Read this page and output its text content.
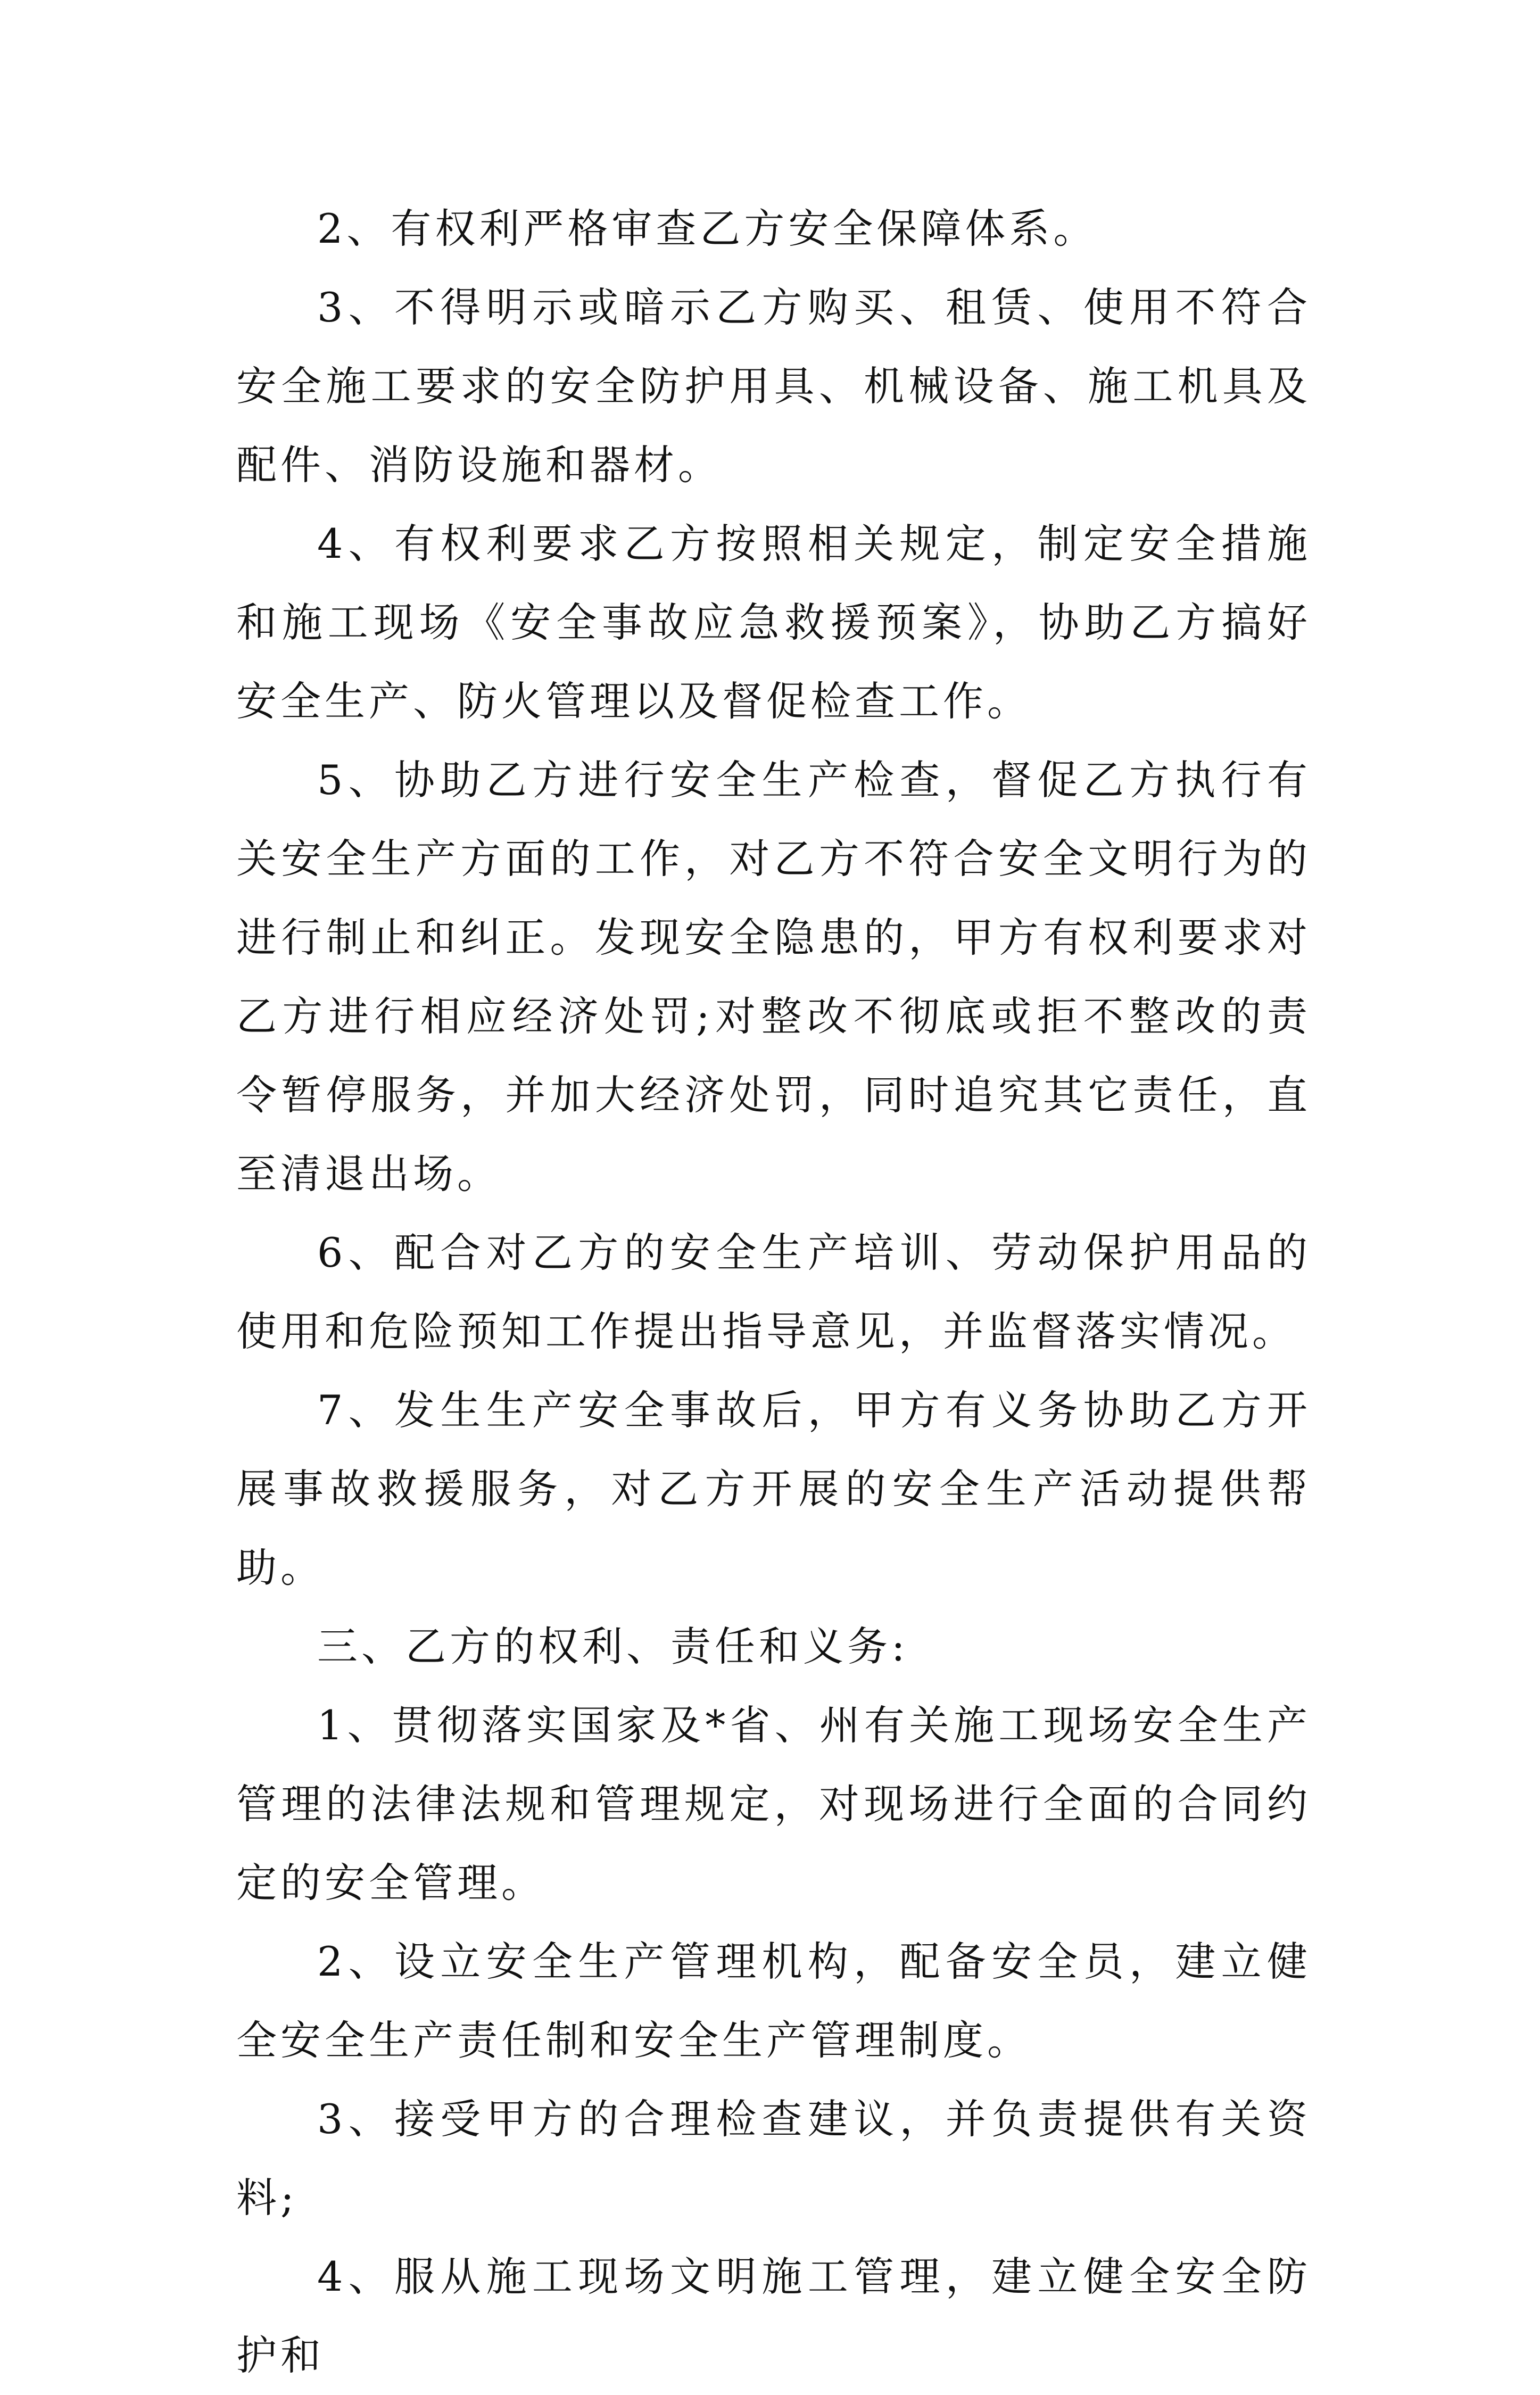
2、有权利严格审查乙方安全保障体系。

3、不得明示或暗示乙方购买、租赁、使用不符合安全施工要求的安全防护用具、机械设备、施工机具及配件、消防设施和器材。

4、有权利要求乙方按照相关规定，制定安全措施和施工现场《安全事故应急救援预案》，协助乙方搞好安全生产、防火管理以及督促检查工作。

5、协助乙方进行安全生产检查，督促乙方执行有关安全生产方面的工作，对乙方不符合安全文明行为的进行制止和纠正。发现安全隐患的，甲方有权利要求对乙方进行相应经济处罚;对整改不彻底或拒不整改的责令暂停服务，并加大经济处罚，同时追究其它责任，直至清退出场。

6、配合对乙方的安全生产培训、劳动保护用品的使用和危险预知工作提出指导意见，并监督落实情况。

7、发生生产安全事故后，甲方有义务协助乙方开展事故救援服务，对乙方开展的安全生产活动提供帮助。

三、乙方的权利、责任和义务:

1、贯彻落实国家及*省、州有关施工现场安全生产管理的法律法规和管理规定，对现场进行全面的合同约定的安全管理。

2、设立安全生产管理机构，配备安全员，建立健全安全生产责任制和安全生产管理制度。

3、接受甲方的合理检查建议，并负责提供有关资料;

4、服从施工现场文明施工管理，建立健全安全防护和
